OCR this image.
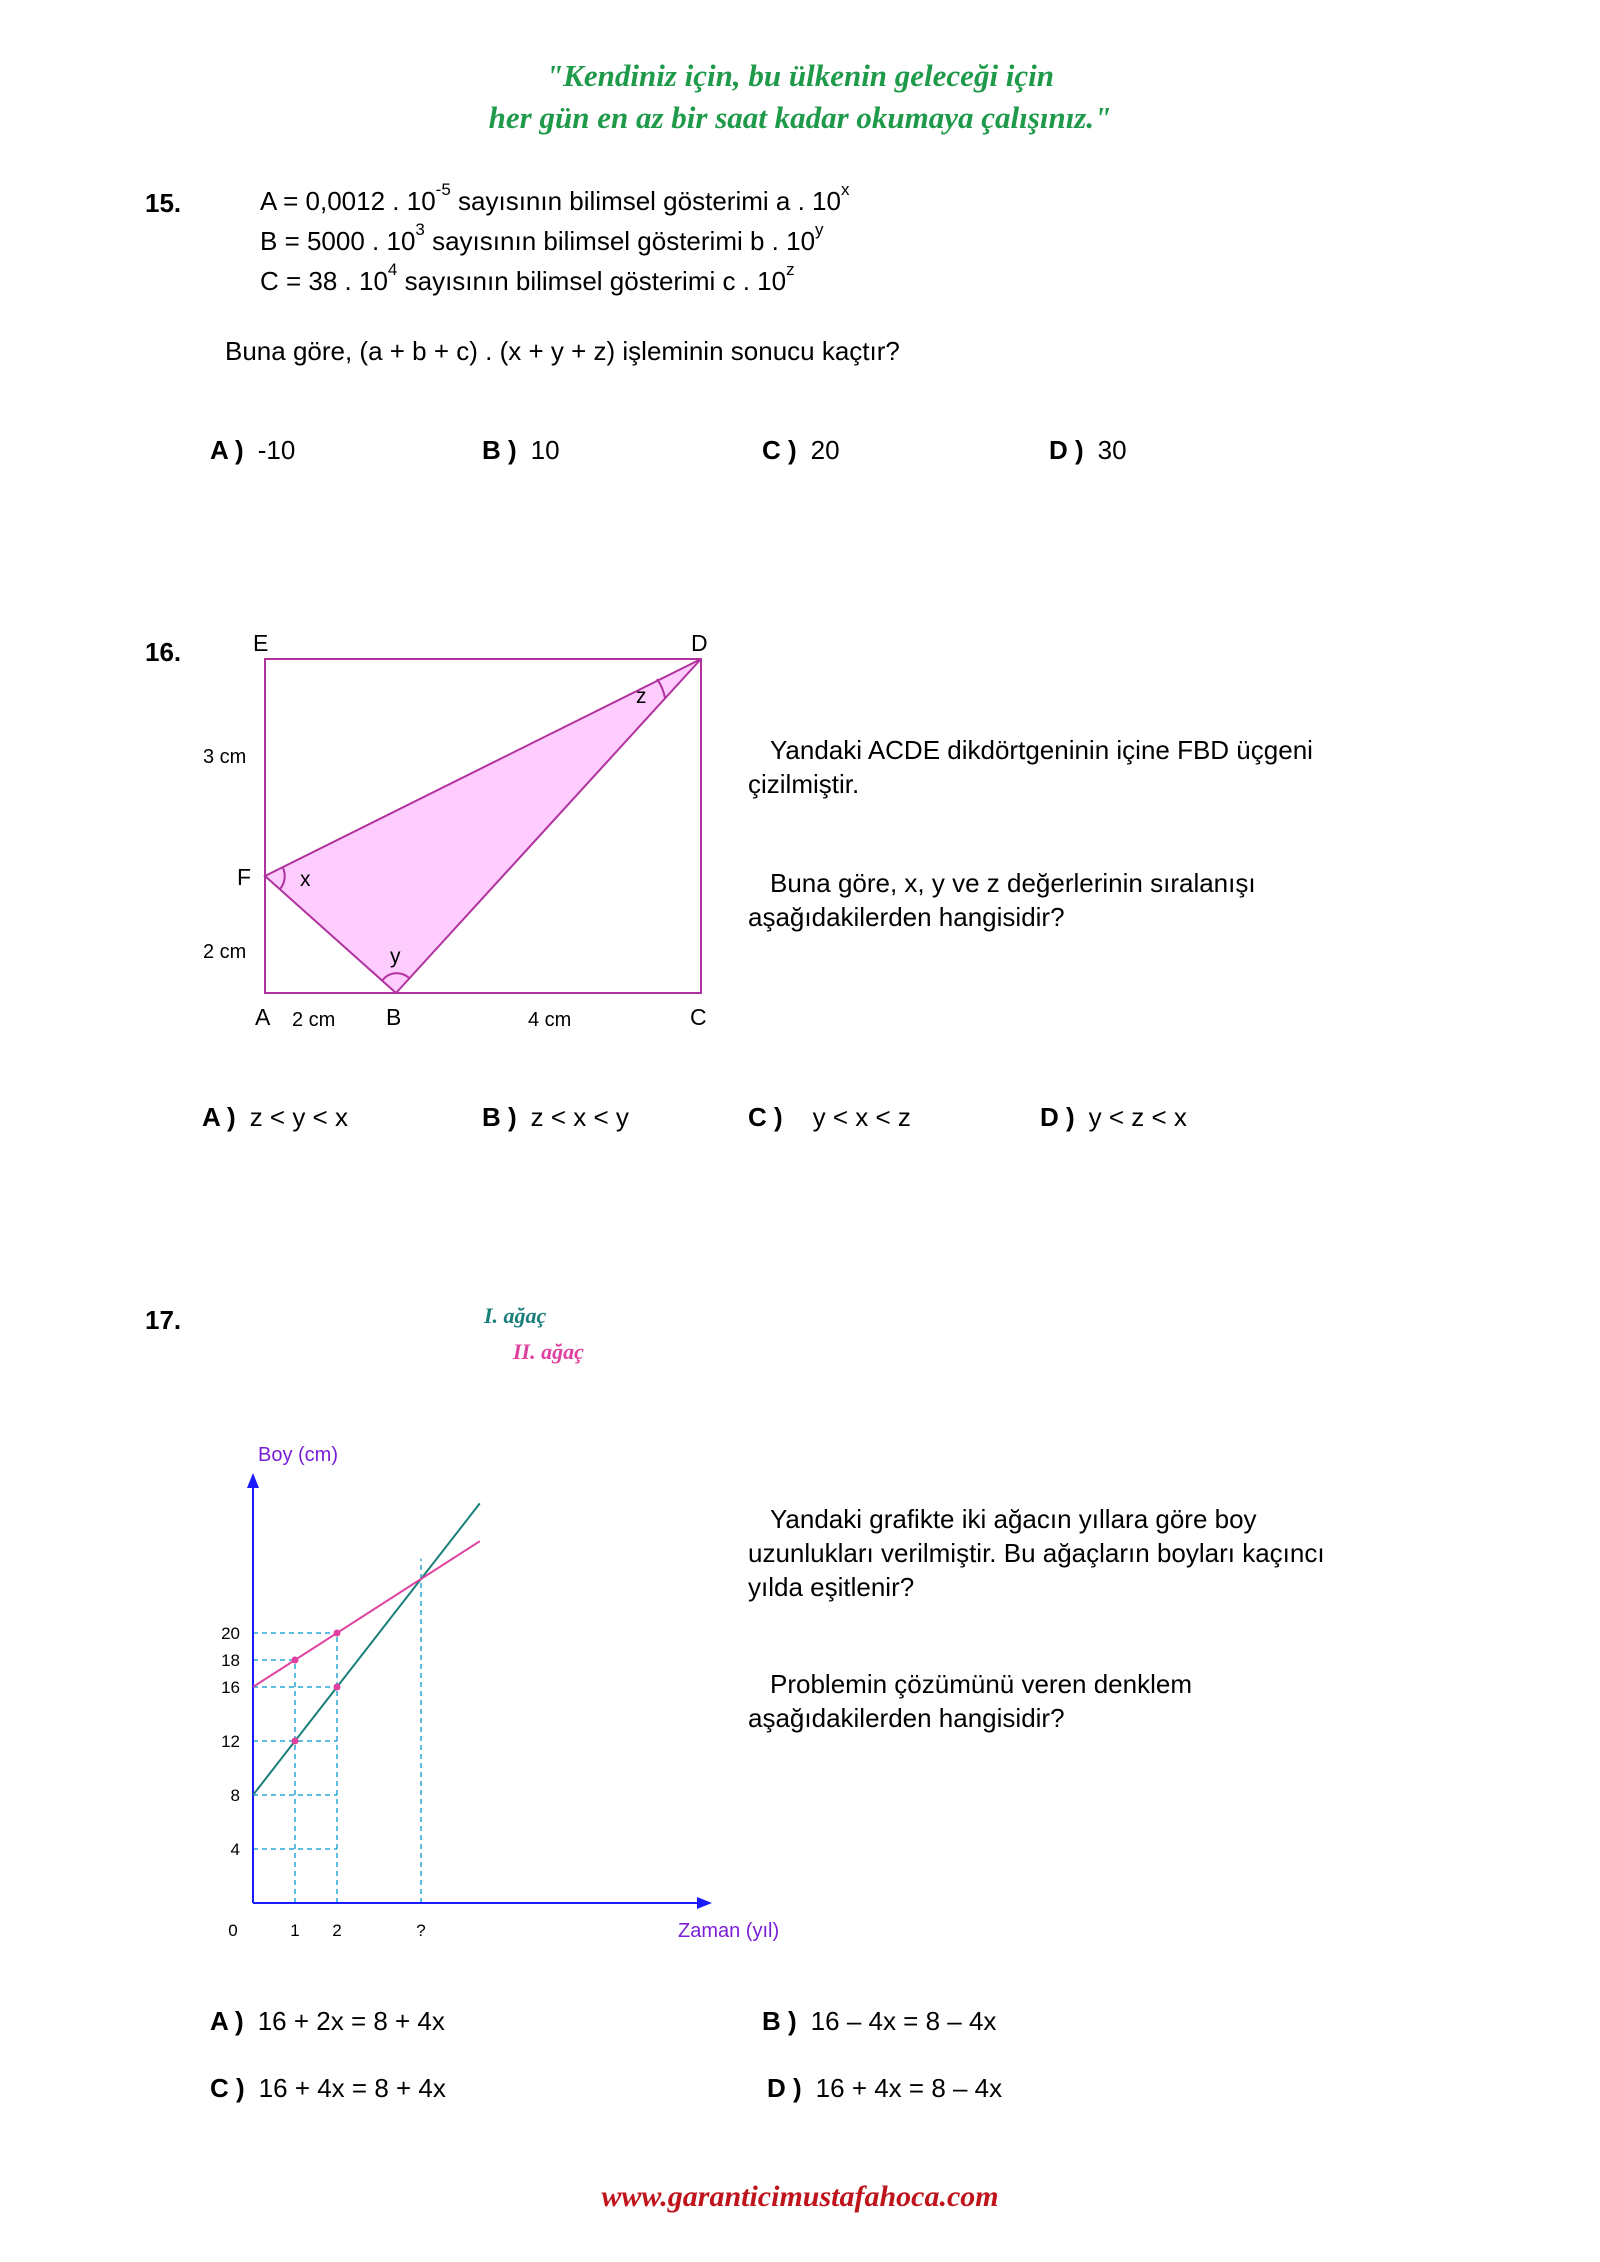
"Kendiniz için, bu ülkenin geleceği için
her gün en az bir saat kadar okumaya çalışınız."
15.	A = 0,0012 . $10^{-5}$ sayısının bilimsel gösterimi a . 10$^x$
B = 5000 . $10^3$ sayısının bilimsel gösterimi b . 10$^y$
C = 38 . $10^4$ sayısının bilimsel gösterimi c . 10$^z$
Buna göre, (a + b + c) . (x + y + z) işleminin sonucu kaçtır?
A ) -10	B ) 10	C ) 20	D ) 30
16.	E	D
F
A	B	C
x
y
z
3 cm
2 cm
2 cm	4 cm
Yandaki ACDE dikdörtgeninin içine FBD üçgeni çizilmiştir.
Buna göre, x, y ve z değerlerinin sıralanışı aşağıdakilerden hangisidir?
A ) z < y < x	B ) z < x < y	C ) y < x < z	D ) y < z < x
17.
4
8
12
16
18
20
0	1 2	?
Boy (cm)
Zaman (yıl)
I. ağaç
II. ağaç
Yandaki grafikte iki ağacın yıllara göre boy uzunlukları verilmiştir. Bu ağaçların boyları kaçıncı yılda eşitlenir?
Problemin çözümünü veren denklem aşağıdakilerden hangisidir?
A ) 16 + 2x = 8 + 4x	B ) 16 – 4x = 8 – 4x
C ) 16 + 4x = 8 + 4x	D ) 16 + 4x = 8 – 4x
www.garanticimustafahoca.com
